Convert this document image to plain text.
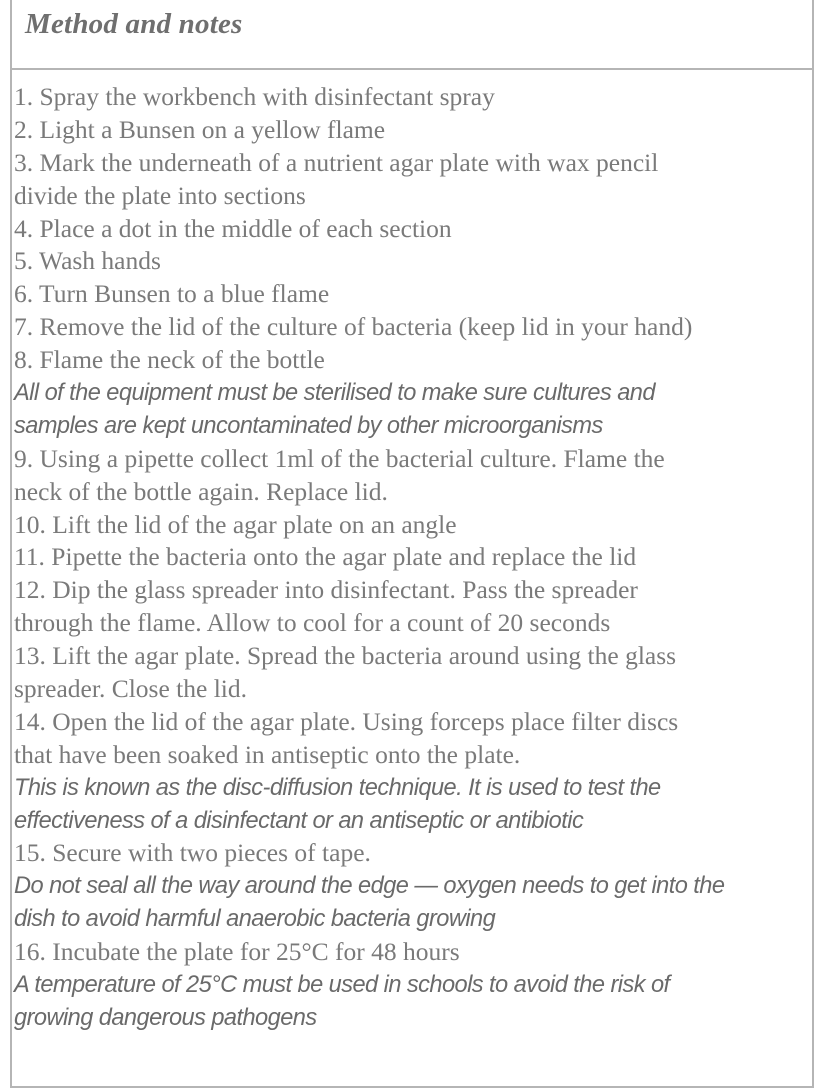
Method and notes
1. Spray the workbench with disinfectant spray
2. Light a Bunsen on a yellow flame
3. Mark the underneath of a nutrient agar plate with wax pencil
divide the plate into sections
4. Place a dot in the middle of each section
5. Wash hands
6. Turn Bunsen to a blue flame
7. Remove the lid of the culture of bacteria (keep lid in your hand)
8. Flame the neck of the bottle
All of the equipment must be sterilised to make sure cultures and
samples are kept uncontaminated by other microorganisms
9. Using a pipette collect 1ml of the bacterial culture. Flame the
neck of the bottle again. Replace lid.
10. Lift the lid of the agar plate on an angle
11. Pipette the bacteria onto the agar plate and replace the lid
12. Dip the glass spreader into disinfectant. Pass the spreader
through the flame. Allow to cool for a count of 20 seconds
13. Lift the agar plate. Spread the bacteria around using the glass
spreader. Close the lid.
14. Open the lid of the agar plate. Using forceps place filter discs
that have been soaked in antiseptic onto the plate.
This is known as the disc-diffusion technique. It is used to test the
effectiveness of a disinfectant or an antiseptic or antibiotic
15. Secure with two pieces of tape.
Do not seal all the way around the edge — oxygen needs to get into the
dish to avoid harmful anaerobic bacteria growing
16. Incubate the plate for 25°C for 48 hours
A temperature of 25°C must be used in schools to avoid the risk of
growing dangerous pathogens
